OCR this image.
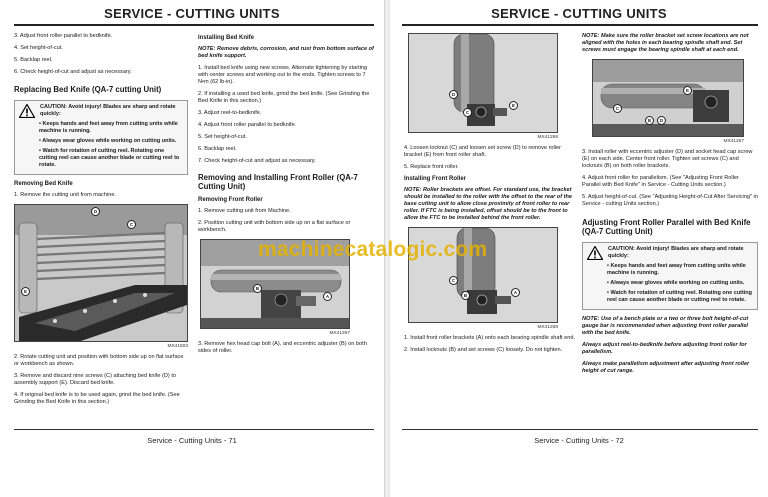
SERVICE - CUTTING UNITS

3. Adjust front roller parallel to bedknife.

4. Set height-of-cut.

5. Backlap reel.

6. Check height-of-cut and adjust as necessary.

Replacing Bed Knife (QA-7 cutting Unit)
CAUTION: Avoid injury! Blades are sharp and rotate quickly:
• Keeps hands and feet away from cutting units while machine is running.
• Always wear gloves while working on cutting units.
• Watch for rotation of cutting reel. Rotating one cutting reel can cause another blade or cutting reel to rotate.
Removing Bed Knife

1. Remove the cutting unit from machine.

D
C
E
MX41503

2. Rotate cutting unit and position with bottom side up on flat surface or workbench as shown.

3. Remove and discard nine screws (C) attaching bed knife (D) to assembly support (E). Discard bed knife.

4. If original bed knife is to be used again, grind the bed knife. (See Grinding the Bed Knife in this section.)

Installing Bed Knife

NOTE: Remove debris, corrosion, and rust from bottom surface of bed knife support.

1. Install bed knife using new screws. Alternate tightening by starting with center screws and working out to the ends. Tighten screws to 7 N•m (62 lb-in).

2. If installing a used bed knife, grind the bed knife. (See Grinding the Bed Knife in this section.)

3. Adjust reel-to-bedknife.

4. Adjust front roller parallel to bedknife.

5. Set height-of-cut.

6. Backlap reel.

7. Check height-of-cut and adjust as necessary.

Removing and Installing Front Roller (QA-7 Cutting Unit)
Removing Front Roller

1. Remove cutting unit from Machine.

2. Position cutting unit with bottom side up on a flat surface or workbench.

B
A
MX41267

3. Remove hex head cap bolt (A), and eccentric adjuster (B) on both sides of roller.

Service - Cutting Units - 71
SERVICE - CUTTING UNITS
D
C
E
MX41268

4. Loosen locknut (C) and loosen set screw (D) to remove roller bracket (E) from front roller shaft.

5. Replace front roller.

Installing Front Roller

NOTE: Roller brackets are offset. For standard use, the bracket should be installed to the roller with the offset to the rear of the base cutting unit to allow close proximity of front roller to rear roller. If FTC is being installed, offset should be to the front to allow the FTC to be installed behind the front roller.

C
B
A
MX41268

1. Install front roller brackets (A) onto each bearing spindle shaft end.

2. Install locknuts (B) and set screws (C) loosely. Do not tighten.

NOTE: Make sure the roller bracket set screw locations are not aligned with the holes in each bearing spindle shaft end. Set screws must engage the bearing spindle shaft at each end.

C
B	D
E
MX41267

3. Install roller with eccentric adjuster (D) and socket head cap screw (E) on each side. Center front roller. Tighten set screws (C) and locknuts (B) on both roller brackets.

4. Adjust front roller for parallelism. (See "Adjusting Front Roller Parallel with Bed Knife" in Service - Cutting Units section.)

5. Adjust height-of-cut. (See "Adjusting Height-of-Cut After Servicing" in Service - cutting Units section.)

Adjusting Front Roller Parallel with Bed Knife (QA-7 Cutting Unit)
CAUTION: Avoid injury! Blades are sharp and rotate quickly:
• Keeps hands and feet away from cutting units while machine is running.
• Always wear gloves while working on cutting units.
• Watch for rotation of cutting reel. Rotating one cutting reel can cause another blade or cutting reel to rotate.

NOTE: Use of a bench plate or a two or three bolt height-of-cut gauge bar is recommended when adjusting front roller parallel with the bed knife.

Always adjust reel-to-bedknife before adjusting front roller for parallelism.

Always make parallelism adjustment after adjusting front roller height of cut range.

Service - Cutting Units - 72
machinecatalogic.com
